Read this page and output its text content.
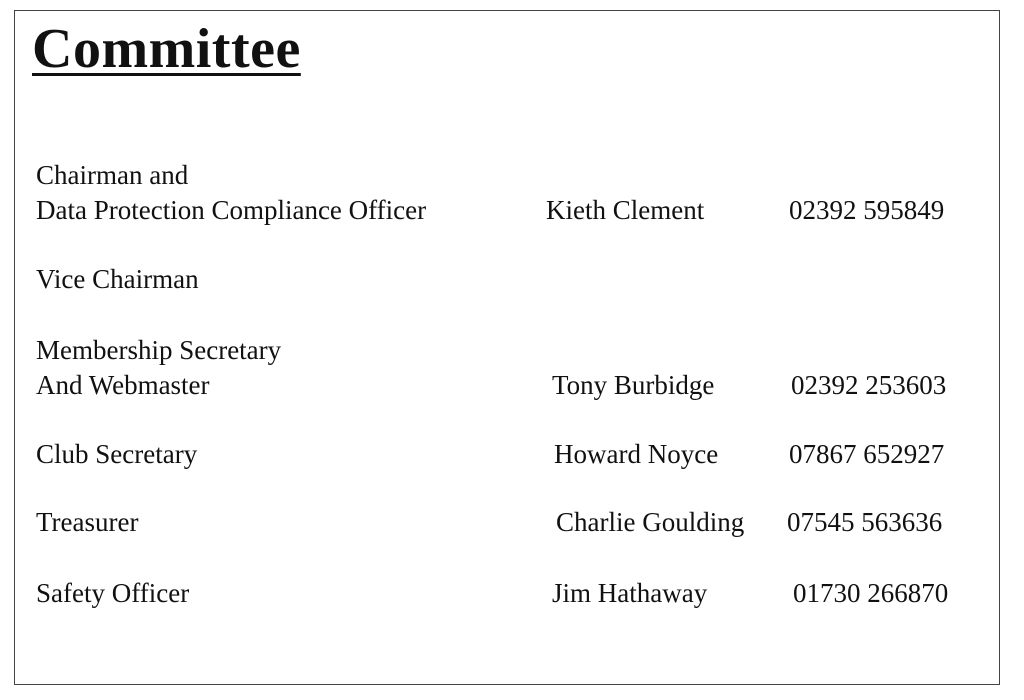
Committee
Chairman and
Data Protection Compliance Officer	Kieth Clement	02392 595849
Vice Chairman
Membership Secretary
And Webmaster	Tony Burbidge	02392 253603
Club Secretary	Howard Noyce	07867 652927
Treasurer	Charlie Goulding 07545 563636
Safety Officer	Jim Hathaway	01730 266870
